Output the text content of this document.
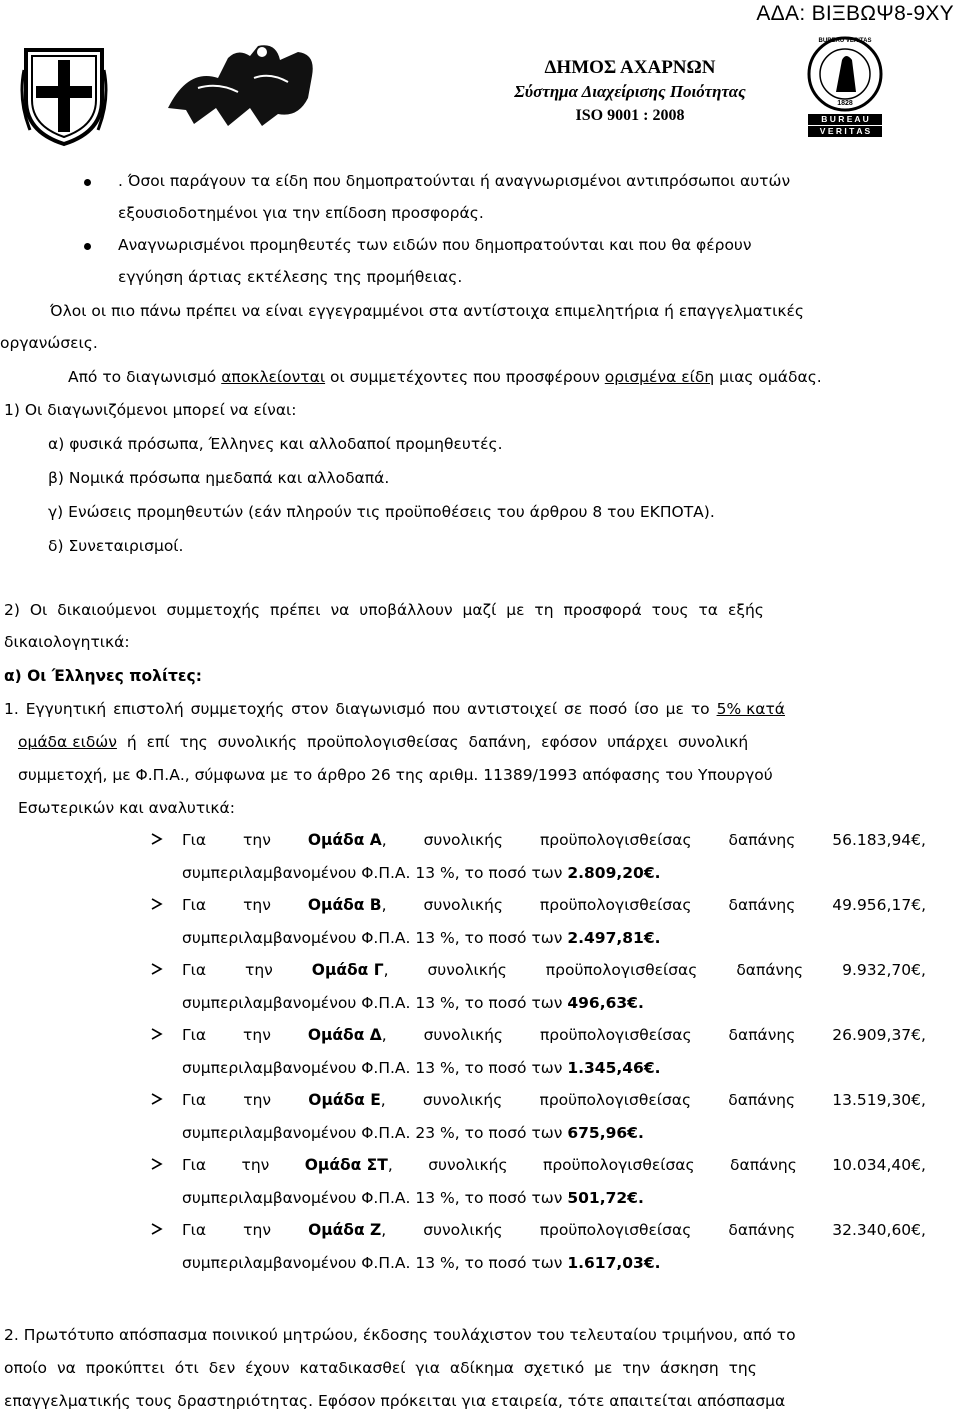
ΑΔΑ: ΒΙΞΒΩΨ8-9ΧΥ
ΔΗΜΟΣ ΑΧΑΡΝΩΝ
Σύστημα Διαχείρισης Ποιότητας
ISO 9001 : 2008	B U R E A U
V E R I T A S
BUREAU VERITAS
1828
. Όσοι παράγουν τα είδη που δημοπρατούνται ή αναγνωρισμένοι αντιπρόσωποι αυτών
εξουσιοδοτημένοι για την επίδοση προσφοράς.
Αναγνωρισμένοι προμηθευτές των ειδών που δημοπρατούνται και που θα φέρουν
εγγύηση άρτιας εκτέλεσης της προμήθειας.
Όλοι οι πιο πάνω πρέπει να είναι εγγεγραμμένοι στα αντίστοιχα επιμελητήρια ή επαγγελματικές
οργανώσεις.
Από το διαγωνισμό αποκλείονται οι συμμετέχοντες που προσφέρουν ορισμένα είδη μιας ομάδας.
1) Οι διαγωνιζόμενοι μπορεί να είναι:
α) φυσικά πρόσωπα, Έλληνες και αλλοδαποί προμηθευτές.
β) Νομικά πρόσωπα ημεδαπά και αλλοδαπά.
γ) Ενώσεις προμηθευτών (εάν πληρούν τις προϋποθέσεις του άρθρου 8 του ΕΚΠΟΤΑ).
δ) Συνεταιρισμοί.
2) Οι δικαιούμενοι συμμετοχής πρέπει να υποβάλλουν μαζί με τη προσφορά τους τα εξής
δικαιολογητικά:
α) Οι Έλληνες πολίτες:
1. Εγγυητική επιστολή συμμετοχής στον διαγωνισμό που αντιστοιχεί σε ποσό ίσο με το 5% κατά
ομάδα ειδών ή επί της συνολικής προϋπολογισθείσας δαπάνη, εφόσον υπάρχει συνολική
συμμετοχή, με Φ.Π.Α., σύμφωνα με το άρθρο 26 της αριθμ. 11389/1993 απόφασης του Υπουργού
Εσωτερικών και αναλυτικά:
Για την Ομάδα Α, συνολικής προϋπολογισθείσας δαπάνης 56.183,94€,
συμπεριλαμβανομένου Φ.Π.Α. 13 %, το ποσό των 2.809,20€.
Για την Ομάδα Β, συνολικής προϋπολογισθείσας δαπάνης 49.956,17€,
συμπεριλαμβανομένου Φ.Π.Α. 13 %, το ποσό των 2.497,81€.
Για	την	Ομάδα Γ,	συνολικής	προϋπολογισθείσας	δαπάνης	9.932,70€,
συμπεριλαμβανομένου Φ.Π.Α. 13 %, το ποσό των 496,63€.
Για την Ομάδα Δ, συνολικής προϋπολογισθείσας δαπάνης 26.909,37€,
συμπεριλαμβανομένου Φ.Π.Α. 13 %, το ποσό των 1.345,46€.
Για την Ομάδα Ε, συνολικής προϋπολογισθείσας δαπάνης 13.519,30€,
συμπεριλαμβανομένου Φ.Π.Α. 23 %, το ποσό των 675,96€.
Για την Ομάδα ΣΤ, συνολικής προϋπολογισθείσας δαπάνης 10.034,40€,
συμπεριλαμβανομένου Φ.Π.Α. 13 %, το ποσό των 501,72€.
Για την Ομάδα Ζ, συνολικής προϋπολογισθείσας δαπάνης 32.340,60€,
συμπεριλαμβανομένου Φ.Π.Α. 13 %, το ποσό των 1.617,03€.
2. Πρωτότυπο απόσπασμα ποινικού μητρώου, έκδοσης τουλάχιστον του τελευταίου τριμήνου, από το
οποίο να προκύπτει ότι δεν έχουν καταδικασθεί για αδίκημα σχετικό με την άσκηση της
επαγγελματικής τους δραστηριότητας. Εφόσον πρόκειται για εταιρεία, τότε απαιτείται απόσπασμα
